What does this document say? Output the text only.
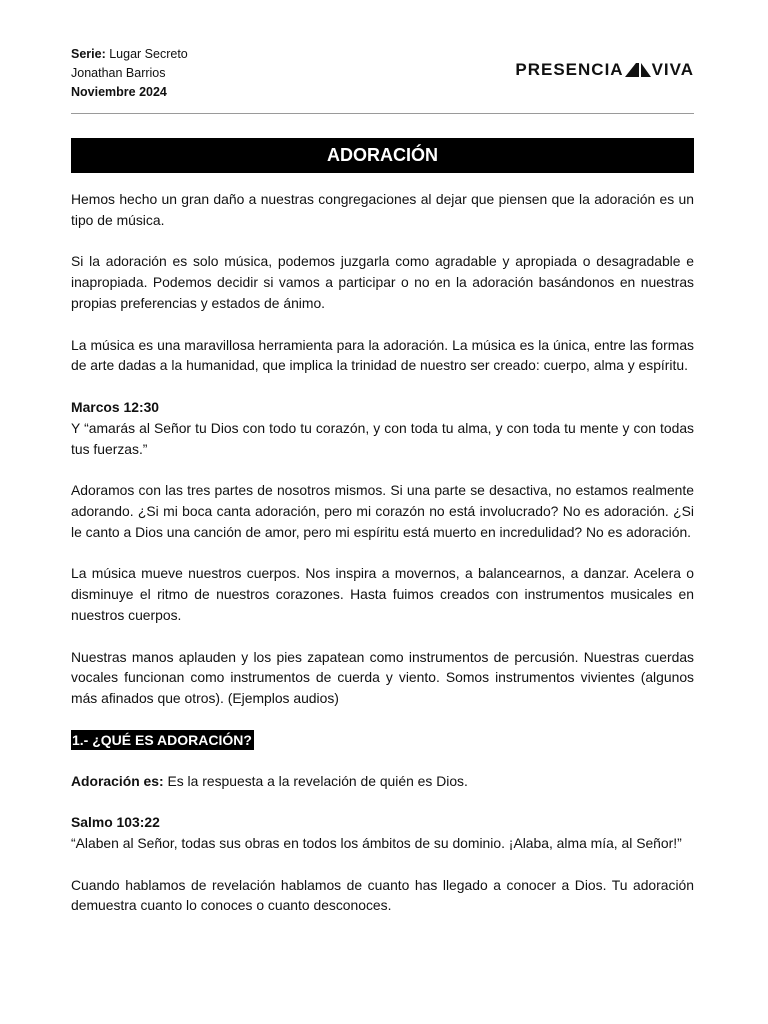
Serie: Lugar Secreto
Jonathan Barrios
Noviembre 2024
PRESENCIA VIVA
ADORACIÓN

Hemos hecho un gran daño a nuestras congregaciones al dejar que piensen que la adoración es un tipo de música.

Si la adoración es solo música, podemos juzgarla como agradable y apropiada o desagradable e inapropiada. Podemos decidir si vamos a participar o no en la adoración basándonos en nuestras propias preferencias y estados de ánimo.

La música es una maravillosa herramienta para la adoración. La música es la única, entre las formas de arte dadas a la humanidad, que implica la trinidad de nuestro ser creado: cuerpo, alma y espíritu.

Marcos 12:30
Y “amarás al Señor tu Dios con todo tu corazón, y con toda tu alma, y con toda tu mente y con todas tus fuerzas.”

Adoramos con las tres partes de nosotros mismos. Si una parte se desactiva, no estamos realmente adorando. ¿Si mi boca canta adoración, pero mi corazón no está involucrado? No es adoración. ¿Si le canto a Dios una canción de amor, pero mi espíritu está muerto en incredulidad? No es adoración.

La música mueve nuestros cuerpos. Nos inspira a movernos, a balancearnos, a danzar. Acelera o disminuye el ritmo de nuestros corazones. Hasta fuimos creados con instrumentos musicales en nuestros cuerpos.

Nuestras manos aplauden y los pies zapatean como instrumentos de percusión. Nuestras cuerdas vocales funcionan como instrumentos de cuerda y viento. Somos instrumentos vivientes (algunos más afinados que otros). (Ejemplos audios)

1.- ¿QUÉ ES ADORACIÓN?

Adoración es: Es la respuesta a la revelación de quién es Dios.

Salmo 103:22
“Alaben al Señor, todas sus obras en todos los ámbitos de su dominio. ¡Alaba, alma mía, al Señor!”

Cuando hablamos de revelación hablamos de cuanto has llegado a conocer a Dios. Tu adoración demuestra cuanto lo conoces o cuanto desconoces.
